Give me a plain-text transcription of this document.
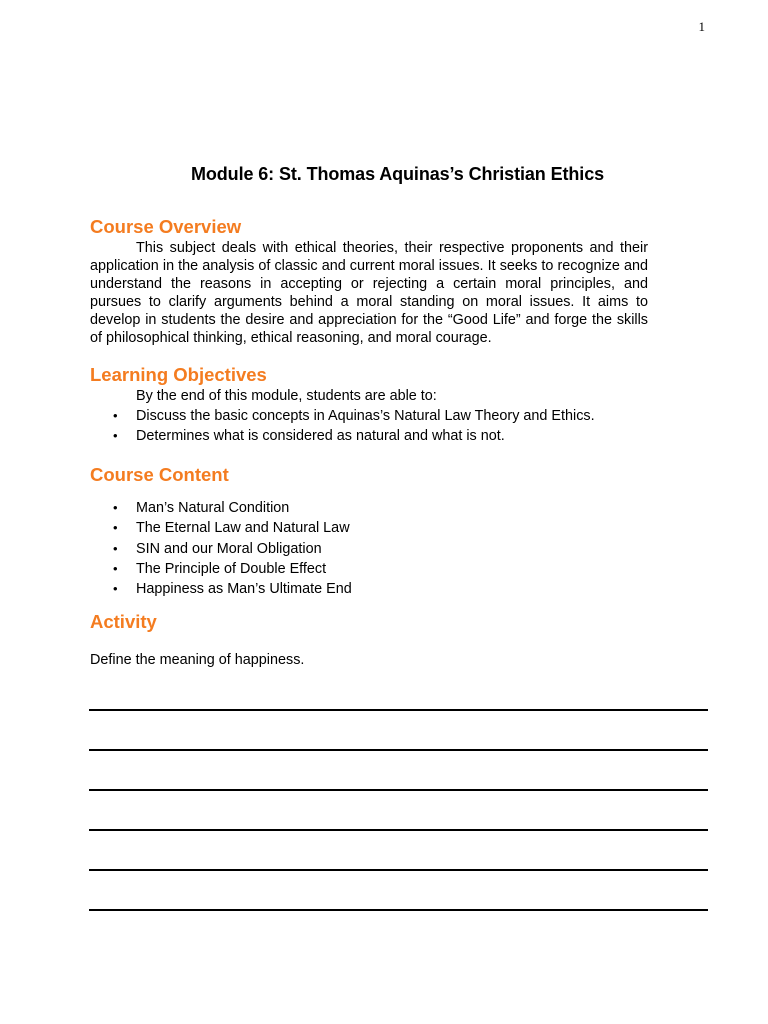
1
Module 6: St. Thomas Aquinas’s Christian Ethics
Course Overview
This subject deals with ethical theories, their respective proponents and their application in the analysis of classic and current moral issues. It seeks to recognize and understand the reasons in accepting or rejecting a certain moral principles, and pursues to clarify arguments behind a moral standing on moral issues. It aims to develop in students the desire and appreciation for the “Good Life” and forge the skills of philosophical thinking, ethical reasoning, and moral courage.
Learning Objectives
By the end of this module, students are able to:
• Discuss the basic concepts in Aquinas’s Natural Law Theory and Ethics.
• Determines what is considered as natural and what is not.
Course Content
• Man’s Natural Condition
• The Eternal Law and Natural Law
• SIN and our Moral Obligation
• The Principle of Double Effect
• Happiness as Man’s Ultimate End
Activity
Define the meaning of happiness.
